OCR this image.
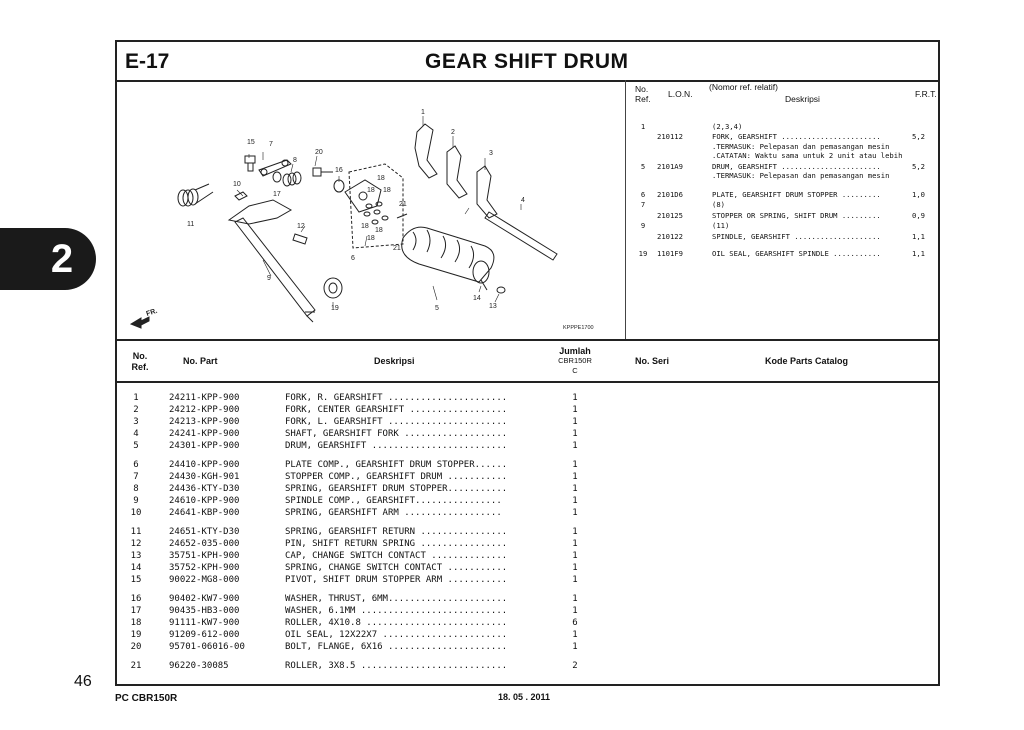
2
46
E-17	GEAR SHIFT DRUM
1
2
3
4
5
6
7
8
9
10
11	12
13
14
15
16
17
18
18 18
18
18
18
19
20
21
21
KPPPE1700
FR.
No.
Ref. L.O.N.
(Nomor ref. relatif)
Deskripsi	F.R.T.
1	(2,3,4)
210112	FORK, GEARSHIFT .......................	5,2
.TERMASUK: Pelepasan dan pemasangan mesin
.CATATAN: Waktu sama untuk 2 unit atau lebih
5	2101A9	DRUM, GEARSHIFT .......................	5,2
.TERMASUK: Pelepasan dan pemasangan mesin
6	2101D6	PLATE, GEARSHIFT DRUM STOPPER .........	1,0
7	(8)
210125	STOPPER OR SPRING, SHIFT DRUM .........	0,9
9	(11)
210122	SPINDLE, GEARSHIFT ....................	1,1
19	1101F9	OIL SEAL, GEARSHIFT SPINDLE ...........	1,1
No.
Ref.
No. Part	Deskripsi
Jumlah
CBR150R
C
No. Seri	Kode Parts Catalog
1	24211-KPP-900	FORK, R. GEARSHIFT ......................	1
2	24212-KPP-900	FORK, CENTER GEARSHIFT ..................	1
3	24213-KPP-900	FORK, L. GEARSHIFT ......................	1
4	24241-KPP-900	SHAFT, GEARSHIFT FORK ...................	1
5	24301-KPP-900	DRUM, GEARSHIFT .........................	1
6	24410-KPP-900	PLATE COMP., GEARSHIFT DRUM STOPPER......	1
7	24430-KGH-901	STOPPER COMP., GEARSHIFT DRUM ...........	1
8	24436-KTY-D30	SPRING, GEARSHIFT DRUM STOPPER...........	1
9	24610-KPP-900	SPINDLE COMP., GEARSHIFT................	1
10	24641-KBP-900	SPRING, GEARSHIFT ARM ..................	1
11	24651-KTY-D30	SPRING, GEARSHIFT RETURN ................	1
12	24652-035-000	PIN, SHIFT RETURN SPRING ................	1
13	35751-KPH-900	CAP, CHANGE SWITCH CONTACT ..............	1
14	35752-KPH-900	SPRING, CHANGE SWITCH CONTACT ...........	1
15	90022-MG8-000	PIVOT, SHIFT DRUM STOPPER ARM ...........	1
16	90402-KW7-900	WASHER, THRUST, 6MM......................	1
17	90435-HB3-000	WASHER, 6.1MM ...........................	1
18	91111-KW7-900	ROLLER, 4X10.8 ..........................	6
19	91209-612-000	OIL SEAL, 12X22X7 .......................	1
20	95701-06016-00	BOLT, FLANGE, 6X16 ......................	1
21	96220-30085	ROLLER, 3X8.5 ...........................	2
PC CBR150R	18. 05 . 2011
